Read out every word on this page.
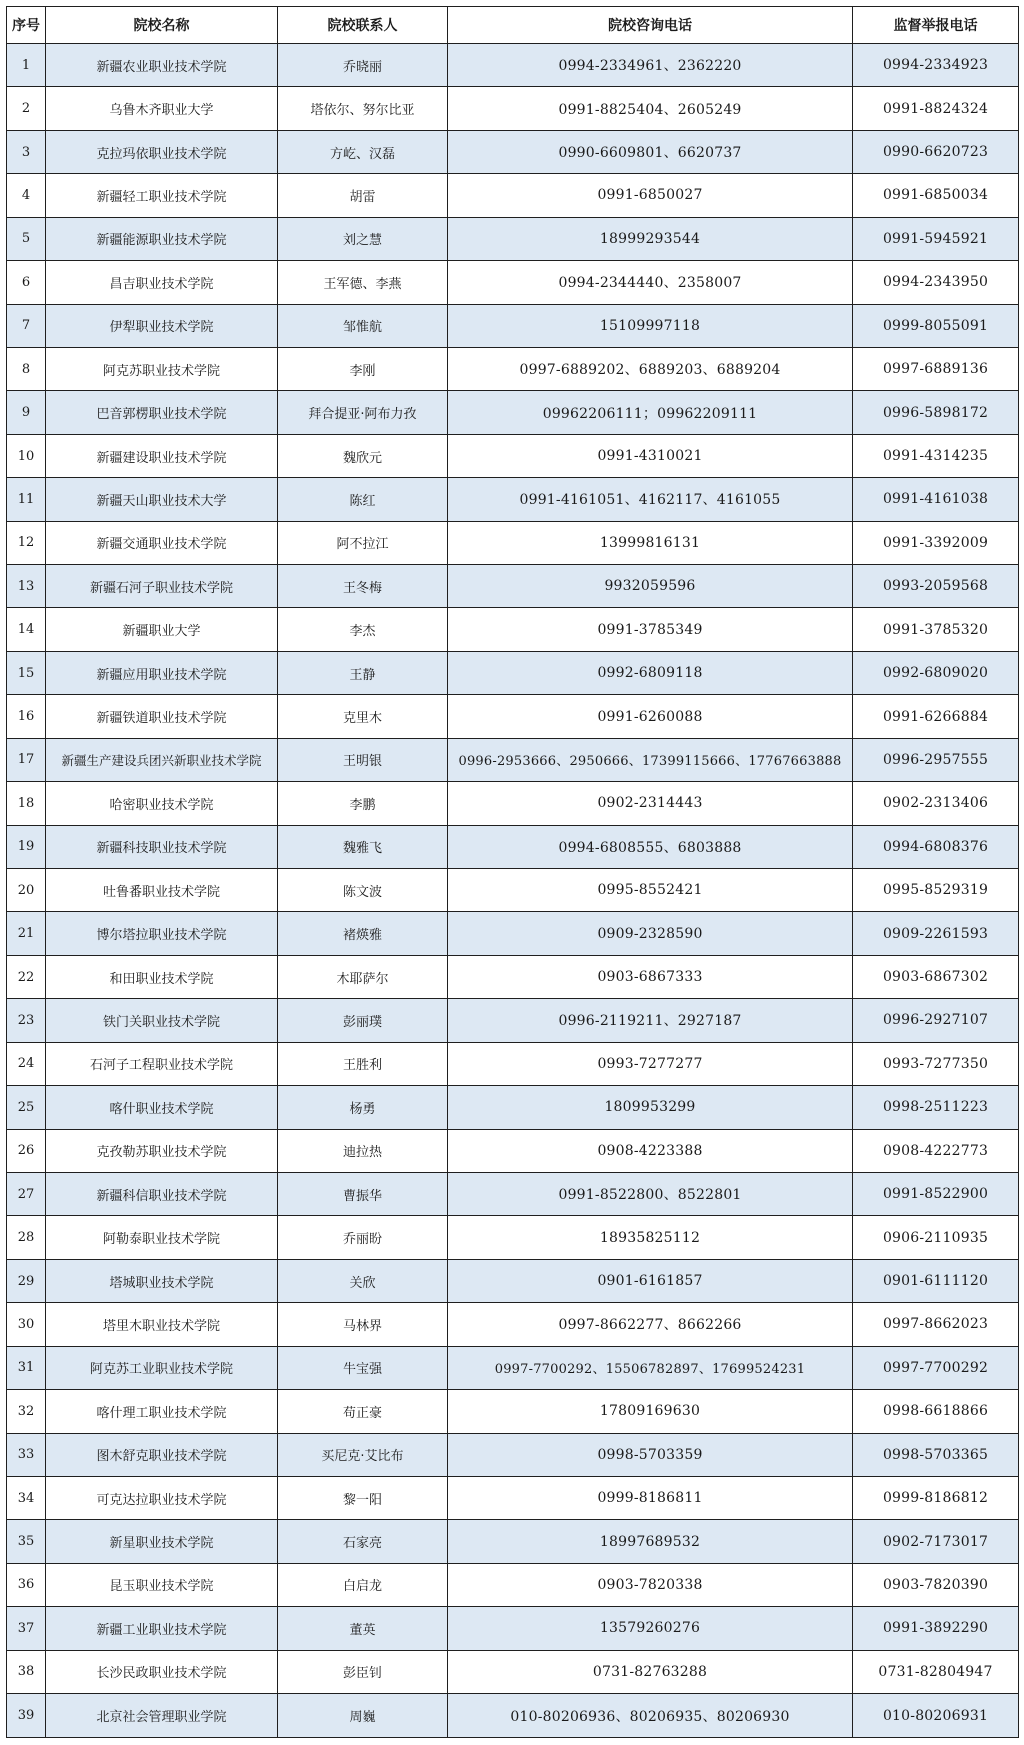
序号	院校名称	院校联系人	院校咨询电话	监督举报电话
1	新疆农业职业技术学院	乔晓丽	0994-2334961、2362220	0994-2334923
2	乌鲁木齐职业大学	塔依尔、努尔比亚	0991-8825404、2605249	0991-8824324
3	克拉玛依职业技术学院	方屹、汉磊	0990-6609801、6620737	0990-6620723
4	新疆轻工职业技术学院	胡雷	0991-6850027	0991-6850034
5	新疆能源职业技术学院	刘之慧	18999293544	0991-5945921
6	昌吉职业技术学院	王军德、李燕	0994-2344440、2358007	0994-2343950
7	伊犁职业技术学院	邹惟航	15109997118	0999-8055091
8	阿克苏职业技术学院	李刚	0997-6889202、6889203、6889204	0997-6889136
9	巴音郭楞职业技术学院	拜合提亚·阿布力孜	09962206111；09962209111	0996-5898172
10	新疆建设职业技术学院	魏欣元	0991-4310021	0991-4314235
11	新疆天山职业技术大学	陈红	0991-4161051、4162117、4161055	0991-4161038
12	新疆交通职业技术学院	阿不拉江	13999816131	0991-3392009
13	新疆石河子职业技术学院	王冬梅	9932059596	0993-2059568
14	新疆职业大学	李杰	0991-3785349	0991-3785320
15	新疆应用职业技术学院	王静	0992-6809118	0992-6809020
16	新疆铁道职业技术学院	克里木	0991-6260088	0991-6266884
17	新疆生产建设兵团兴新职业技术学院	王明银	0996-2953666、2950666、17399115666、17767663888	0996-2957555
18	哈密职业技术学院	李鹏	0902-2314443	0902-2313406
19	新疆科技职业技术学院	魏雅飞	0994-6808555、6803888	0994-6808376
20	吐鲁番职业技术学院	陈文波	0995-8552421	0995-8529319
21	博尔塔拉职业技术学院	褚煐雅	0909-2328590	0909-2261593
22	和田职业技术学院	木耶萨尔	0903-6867333	0903-6867302
23	铁门关职业技术学院	彭丽璞	0996-2119211、2927187	0996-2927107
24	石河子工程职业技术学院	王胜利	0993-7277277	0993-7277350
25	喀什职业技术学院	杨勇	1809953299	0998-2511223
26	克孜勒苏职业技术学院	迪拉热	0908-4223388	0908-4222773
27	新疆科信职业技术学院	曹振华	0991-8522800、8522801	0991-8522900
28	阿勒泰职业技术学院	乔丽盼	18935825112	0906-2110935
29	塔城职业技术学院	关欣	0901-6161857	0901-6111120
30	塔里木职业技术学院	马林界	0997-8662277、8662266	0997-8662023
31	阿克苏工业职业技术学院	牛宝强	0997-7700292、15506782897、17699524231	0997-7700292
32	喀什理工职业技术学院	苟正豪	17809169630	0998-6618866
33	图木舒克职业技术学院	买尼克·艾比布	0998-5703359	0998-5703365
34	可克达拉职业技术学院	黎一阳	0999-8186811	0999-8186812
35	新星职业技术学院	石家亮	18997689532	0902-7173017
36	昆玉职业技术学院	白启龙	0903-7820338	0903-7820390
37	新疆工业职业技术学院	董英	13579260276	0991-3892290
38	长沙民政职业技术学院	彭臣钊	0731-82763288	0731-82804947
39	北京社会管理职业学院	周巍	010-80206936、80206935、80206930	010-80206931
